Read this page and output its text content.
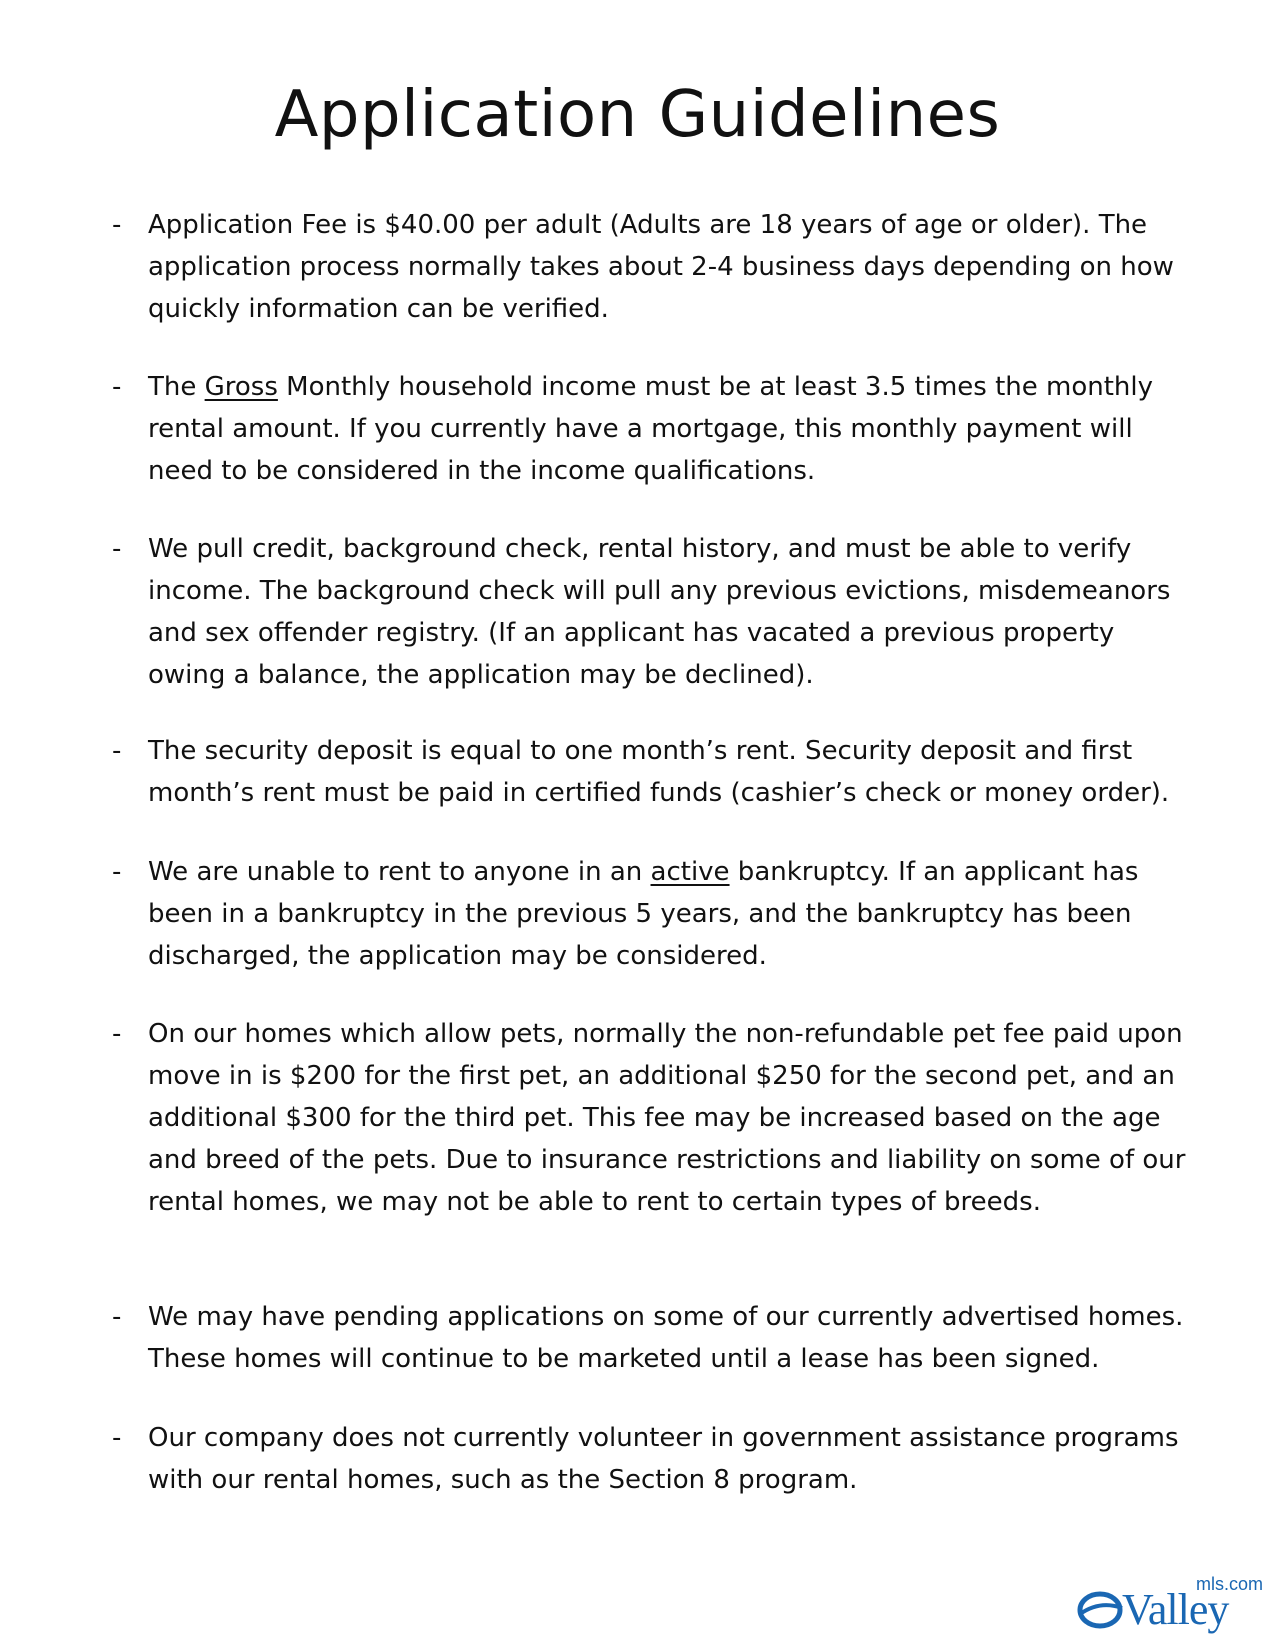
Application Guidelines
- Application Fee is $40.00 per adult (Adults are 18 years of age or older). The application process normally takes about 2-4 business days depending on how quickly information can be verified.
- The Gross Monthly household income must be at least 3.5 times the monthly rental amount. If you currently have a mortgage, this monthly payment will need to be considered in the income qualifications.
- We pull credit, background check, rental history, and must be able to verify income. The background check will pull any previous evictions, misdemeanors and sex offender registry. (If an applicant has vacated a previous property owing a balance, the application may be declined).
- The security deposit is equal to one month’s rent. Security deposit and first month’s rent must be paid in certified funds (cashier’s check or money order).
- We are unable to rent to anyone in an active bankruptcy. If an applicant has been in a bankruptcy in the previous 5 years, and the bankruptcy has been discharged, the application may be considered.
- On our homes which allow pets, normally the non-refundable pet fee paid upon move in is $200 for the first pet, an additional $250 for the second pet, and an additional $300 for the third pet. This fee may be increased based on the age and breed of the pets. Due to insurance restrictions and liability on some of our rental homes, we may not be able to rent to certain types of breeds.
- We may have pending applications on some of our currently advertised homes. These homes will continue to be marketed until a lease has been signed.
- Our company does not currently volunteer in government assistance programs with our rental homes, such as the Section 8 program.
mls.com
Valley
